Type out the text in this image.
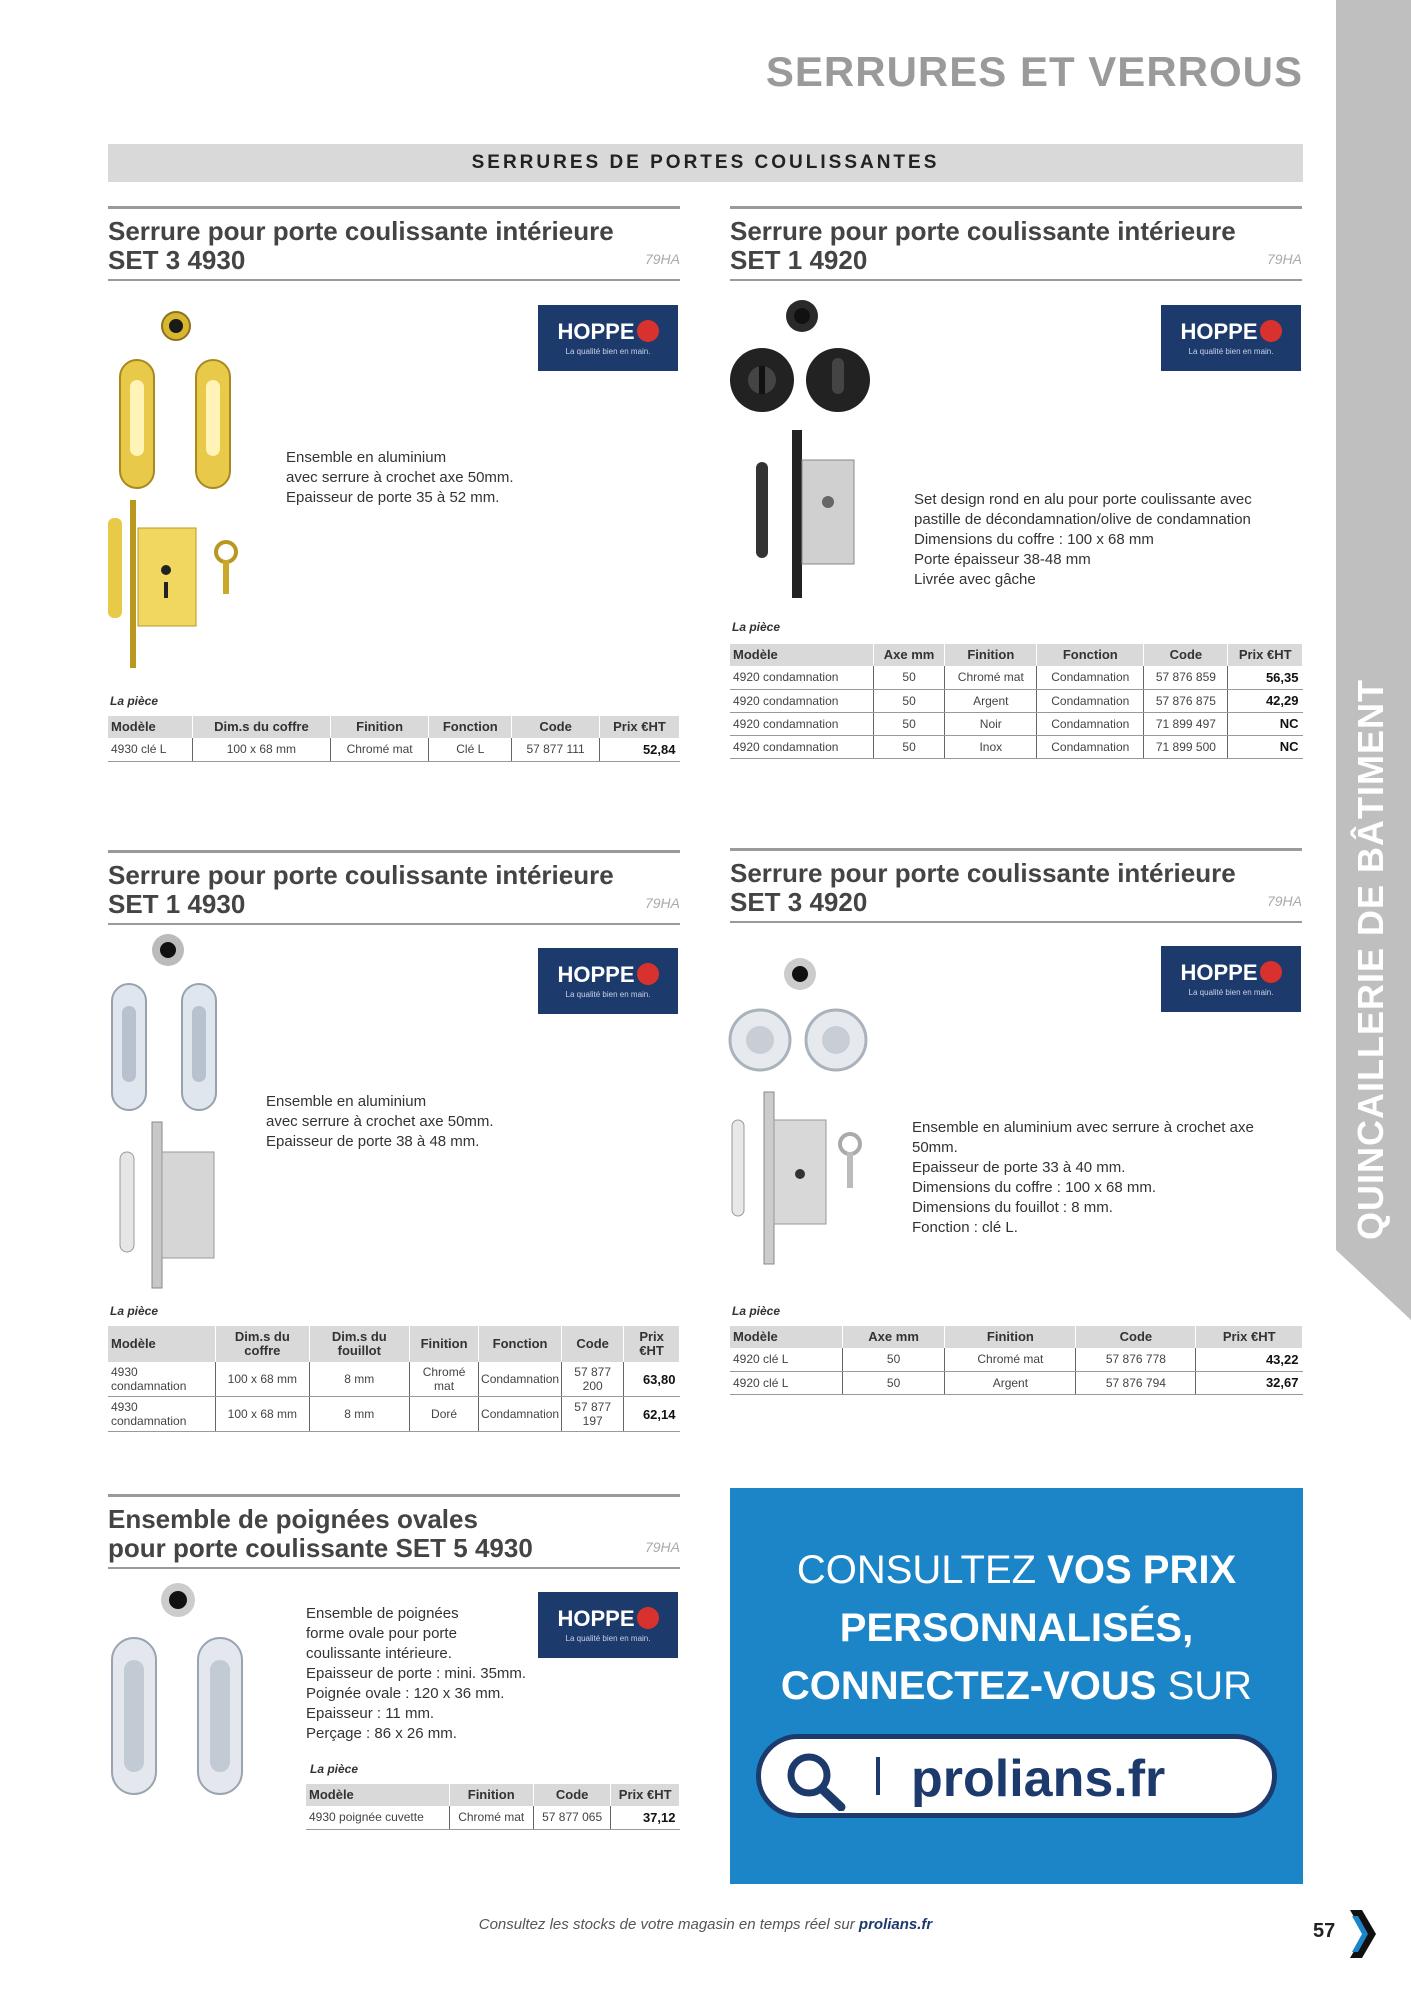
QUINCAILLERIE DE BÂTIMENT
SERRURES ET VERROUS
SERRURES DE PORTES COULISSANTES
Serrure pour porte coulissante intérieure
SET 3 4930	79HA
HOPPE
La qualité bien en main.
Ensemble en aluminium
avec serrure à crochet axe 50mm.
Epaisseur de porte 35 à 52 mm.
La pièce
Modèle	Dim.s du coffre	Finition	Fonction	Code	Prix €HT
4930 clé L	100 x 68 mm	Chromé mat	Clé L	57 877 111	52,84
Serrure pour porte coulissante intérieure
SET 1 4920	79HA
HOPPE
La qualité bien en main.
Set design rond en alu pour porte coulissante avec
pastille de décondamnation/olive de condamnation
Dimensions du coffre : 100 x 68 mm
Porte épaisseur 38-48 mm
Livrée avec gâche
La pièce
Modèle	Axe mm	Finition	Fonction	Code	Prix €HT
4920 condamnation	50	Chromé mat	Condamnation	57 876 859	56,35
4920 condamnation	50	Argent	Condamnation	57 876 875	42,29
4920 condamnation	50	Noir	Condamnation	71 899 497	NC
4920 condamnation	50	Inox	Condamnation	71 899 500	NC
Serrure pour porte coulissante intérieure
SET 1 4930	79HA
HOPPE
La qualité bien en main.
Ensemble en aluminium
avec serrure à crochet axe 50mm.
Epaisseur de porte 38 à 48 mm.
La pièce
Modèle	Dim.s du coffre	Dim.s du fouillot	Finition	Fonction	Code	Prix €HT
4930 condamnation	100 x 68 mm	8 mm	Chromé mat	Condamnation	57 877 200	63,80
4930 condamnation	100 x 68 mm	8 mm	Doré	Condamnation	57 877 197	62,14
Serrure pour porte coulissante intérieure
SET 3 4920	79HA
HOPPE
La qualité bien en main.
Ensemble en aluminium avec serrure à crochet axe
50mm.
Epaisseur de porte 33 à 40 mm.
Dimensions du coffre : 100 x 68 mm.
Dimensions du fouillot : 8 mm.
Fonction : clé L.
La pièce
Modèle	Axe mm	Finition	Code	Prix €HT
4920 clé L	50	Chromé mat	57 876 778	43,22
4920 clé L	50	Argent	57 876 794	32,67
Ensemble de poignées ovales
pour porte coulissante SET 5 4930	79HA
HOPPE
La qualité bien en main.
Ensemble de poignées
forme ovale pour porte
coulissante intérieure.
Epaisseur de porte : mini. 35mm.
Poignée ovale : 120 x 36 mm.
Epaisseur : 11 mm.
Perçage : 86 x 26 mm.
La pièce
Modèle	Finition	Code	Prix €HT
4930 poignée cuvette	Chromé mat	57 877 065	37,12
CONSULTEZ VOS PRIX
PERSONNALISÉS,
CONNECTEZ-VOUS SUR
prolians.fr
Consultez les stocks de votre magasin en temps réel sur prolians.fr	57
